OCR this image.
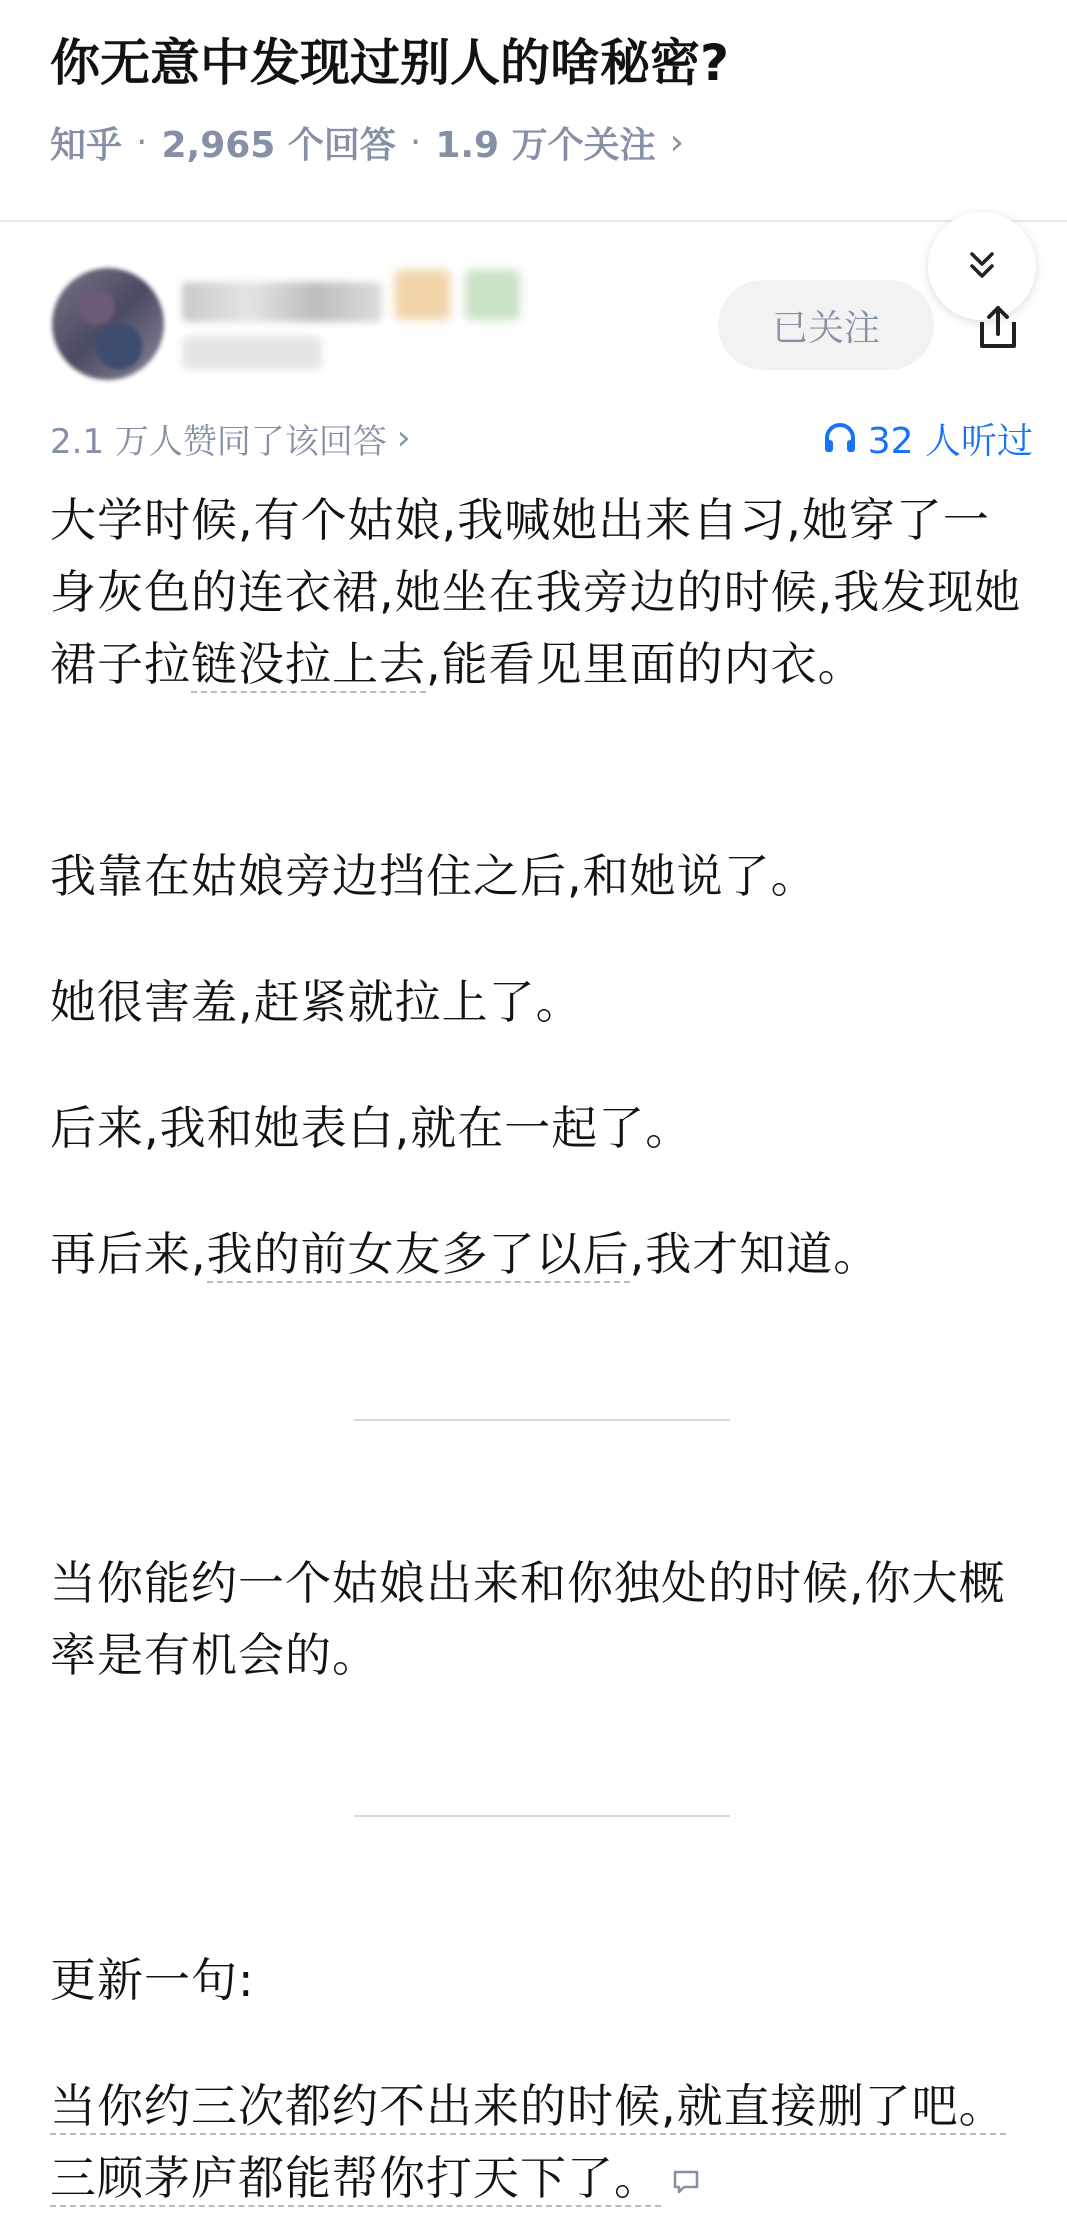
你无意中发现过别人的啥秘密?
知乎 · 2,965 个回答 · 1.9 万个关注 ›
已关注
2.1 万人赞同了该回答 ›	32 人听过

大学时候,有个姑娘,我喊她出来自习,她穿了一身灰色的连衣裙,她坐在我旁边的时候,我发现她裙子拉链没拉上去,能看见里面的内衣。

我靠在姑娘旁边挡住之后,和她说了。

她很害羞,赶紧就拉上了。

后来,我和她表白,就在一起了。

再后来,我的前女友多了以后,我才知道。

当你能约一个姑娘出来和你独处的时候,你大概率是有机会的。

更新一句:

当你约三次都约不出来的时候,就直接删了吧。三顾茅庐都能帮你打天下了。
